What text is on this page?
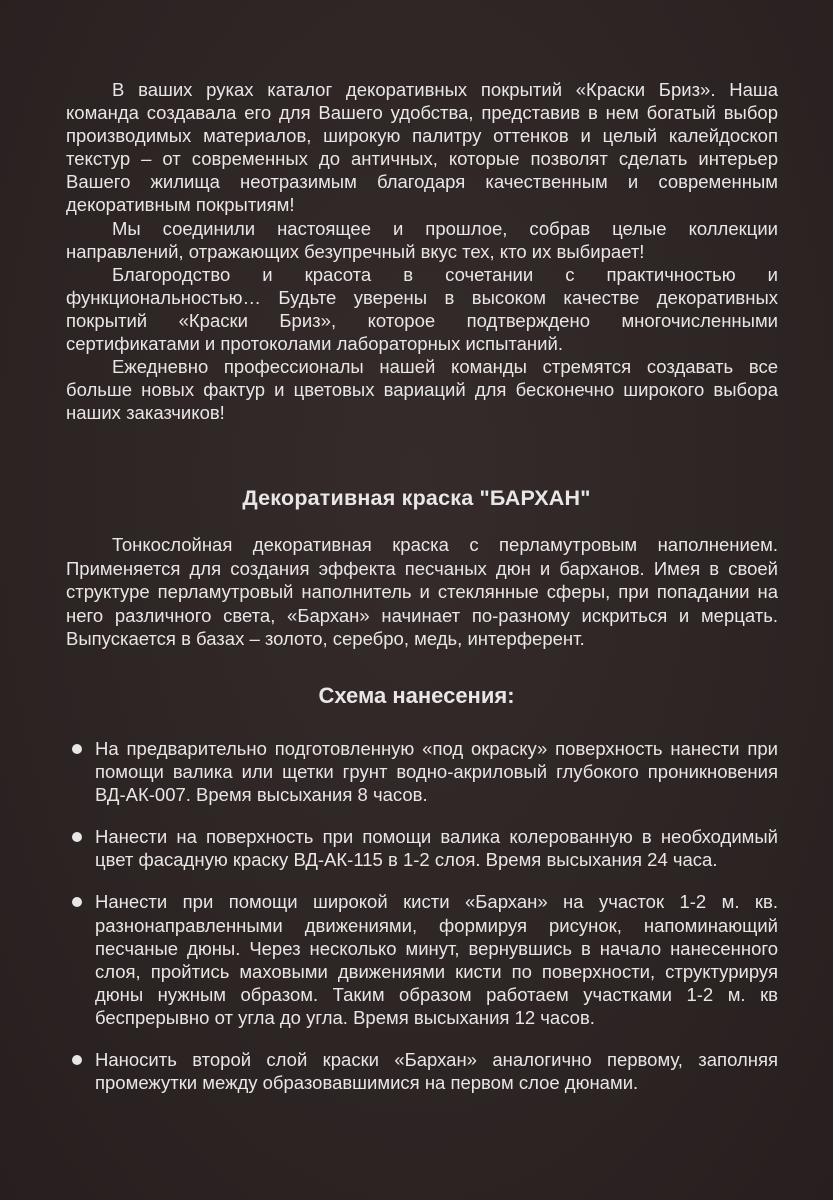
В ваших руках каталог декоративных покрытий «Краски Бриз». Наша команда создавала его для Вашего удобства, представив в нем богатый выбор производимых материалов, широкую палитру оттенков и целый калейдоскоп текстур – от современных до античных, которые позволят сделать интерьер Вашего жилища неотразимым благодаря качественным и современным декоративным покрытиям!

Мы соединили настоящее и прошлое, собрав целые коллекции направлений, отражающих безупречный вкус тех, кто их выбирает!

Благородство и красота в сочетании с практичностью и функциональностью… Будьте уверены в высоком качестве декоративных покрытий «Краски Бриз», которое подтверждено многочисленными сертификатами и протоколами лабораторных испытаний.

Ежедневно профессионалы нашей команды стремятся создавать все больше новых фактур и цветовых вариаций для бесконечно широкого выбора наших заказчиков!

Декоративная краска "БАРХАН"

Тонкослойная декоративная краска с перламутровым наполнением. Применяется для создания эффекта песчаных дюн и барханов. Имея в своей структуре перламутровый наполнитель и стеклянные сферы, при попадании на него различного света, «Бархан» начинает по-разному искриться и мерцать. Выпускается в базах – золото, серебро, медь, интерферент.

Схема нанесения:
На предварительно подготовленную «под окраску» поверхность нанести при помощи валика или щетки грунт водно-акриловый глубокого проникновения ВД-АК-007. Время высыхания 8 часов.
Нанести на поверхность при помощи валика колерованную в необходимый цвет фасадную краску ВД-АК-115 в 1-2 слоя. Время высыхания 24 часа.
Нанести при помощи широкой кисти «Бархан» на участок 1-2 м. кв. разнонаправленными движениями, формируя рисунок, напоминающий песчаные дюны. Через несколько минут, вернувшись в начало нанесенного слоя, пройтись маховыми движениями кисти по поверхности, структурируя дюны нужным образом. Таким образом работаем участками 1-2 м. кв беспрерывно от угла до угла. Время высыхания 12 часов.
Наносить второй слой краски «Бархан» аналогично первому, заполняя промежутки между образовавшимися на первом слое дюнами.
